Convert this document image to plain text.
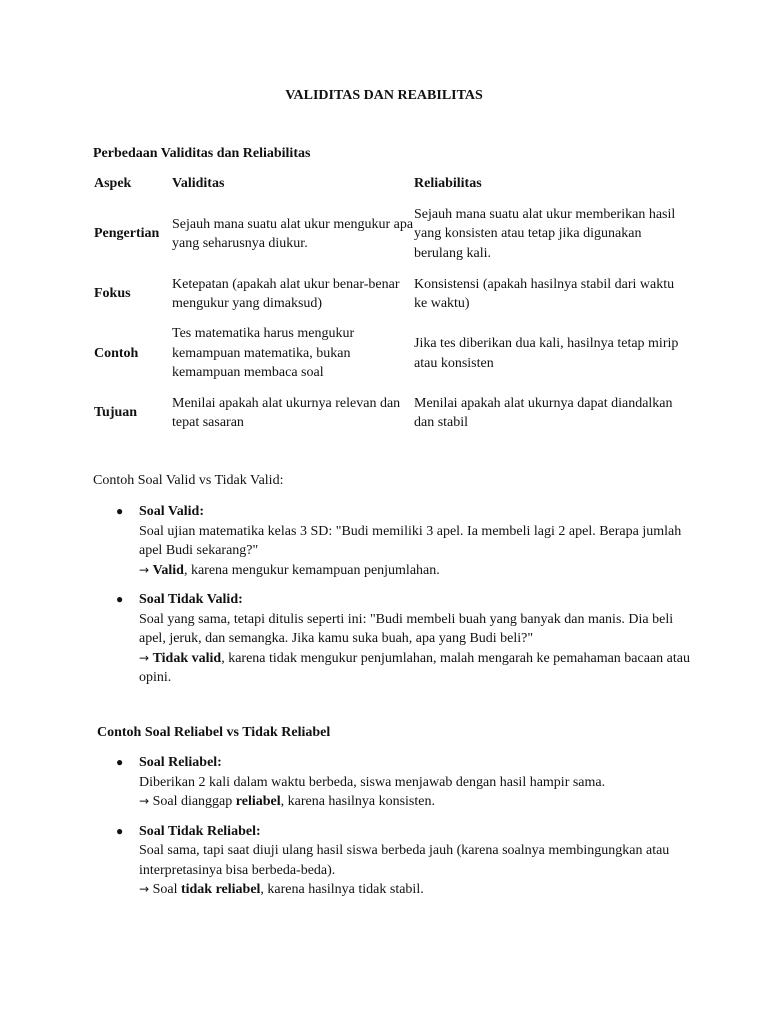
VALIDITAS DAN REABILITAS
Perbedaan Validitas dan Reliabilitas
Aspek	Validitas	Reliabilitas
Pengertian	Sejauh mana suatu alat ukur mengukur apa yang seharusnya diukur.	Sejauh mana suatu alat ukur memberikan hasil yang konsisten atau tetap jika digunakan berulang kali.
Fokus	Ketepatan (apakah alat ukur benar-benar mengukur yang dimaksud)	Konsistensi (apakah hasilnya stabil dari waktu ke waktu)
Contoh	Tes matematika harus mengukur kemampuan matematika, bukan kemampuan membaca soal	Jika tes diberikan dua kali, hasilnya tetap mirip atau konsisten
Tujuan	Menilai apakah alat ukurnya relevan dan tepat sasaran	Menilai apakah alat ukurnya dapat diandalkan dan stabil
Contoh Soal Valid vs Tidak Valid:
● Soal Valid:
Soal ujian matematika kelas 3 SD: "Budi memiliki 3 apel. Ia membeli lagi 2 apel. Berapa jumlah apel Budi sekarang?"
→ Valid, karena mengukur kemampuan penjumlahan.
● Soal Tidak Valid:
Soal yang sama, tetapi ditulis seperti ini: "Budi membeli buah yang banyak dan manis. Dia beli apel, jeruk, dan semangka. Jika kamu suka buah, apa yang Budi beli?"
→ Tidak valid, karena tidak mengukur penjumlahan, malah mengarah ke pemahaman bacaan atau opini.
Contoh Soal Reliabel vs Tidak Reliabel
● Soal Reliabel:
Diberikan 2 kali dalam waktu berbeda, siswa menjawab dengan hasil hampir sama.
→ Soal dianggap reliabel, karena hasilnya konsisten.
● Soal Tidak Reliabel:
Soal sama, tapi saat diuji ulang hasil siswa berbeda jauh (karena soalnya membingungkan atau interpretasinya bisa berbeda-beda).
→ Soal tidak reliabel, karena hasilnya tidak stabil.
